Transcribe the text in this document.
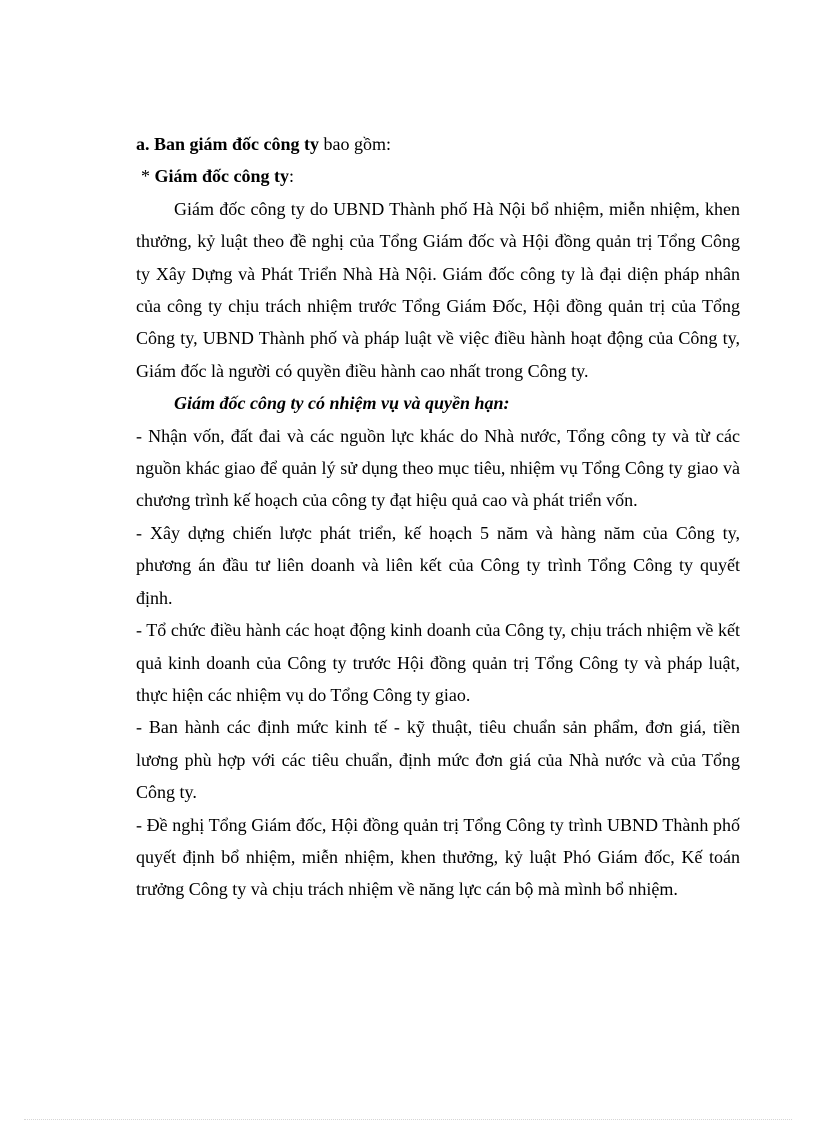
a. Ban giám đốc công ty bao gồm:

* Giám đốc công ty:

Giám đốc công ty do UBND Thành phố Hà Nội bổ nhiệm, miễn nhiệm, khen thưởng, kỷ luật theo đề nghị của Tổng Giám đốc và Hội đồng quản trị Tổng Công ty Xây Dựng và Phát Triển Nhà Hà Nội. Giám đốc công ty là đại diện pháp nhân của công ty chịu trách nhiệm trước Tổng Giám Đốc, Hội đồng quản trị của Tổng Công ty, UBND Thành phố và pháp luật về việc điều hành hoạt động của Công ty, Giám đốc là người có quyền điều hành cao nhất trong Công ty.

Giám đốc công ty có nhiệm vụ và quyền hạn:

- Nhận vốn, đất đai và các nguồn lực khác do Nhà nước, Tổng công ty và từ các nguồn khác giao để quản lý sử dụng theo mục tiêu, nhiệm vụ Tổng Công ty giao và chương trình kế hoạch của công ty đạt hiệu quả cao và phát triển vốn.

- Xây dựng chiến lược phát triển, kế hoạch 5 năm và hàng năm của Công ty, phương án đầu tư liên doanh và liên kết của Công ty trình Tổng Công ty quyết định.

- Tổ chức điều hành các hoạt động kinh doanh của Công ty, chịu trách nhiệm về kết quả kinh doanh của Công ty trước Hội đồng quản trị Tổng Công ty và pháp luật, thực hiện các nhiệm vụ do Tổng Công ty giao.

- Ban hành các định mức kinh tế - kỹ thuật, tiêu chuẩn sản phẩm, đơn giá, tiền lương phù hợp với các tiêu chuẩn, định mức đơn giá của Nhà nước và của Tổng Công ty.

- Đề nghị Tổng Giám đốc, Hội đồng quản trị Tổng Công ty trình UBND Thành phố quyết định bổ nhiệm, miễn nhiệm, khen thưởng, kỷ luật Phó Giám đốc, Kế toán trưởng Công ty và chịu trách nhiệm về năng lực cán bộ mà mình bổ nhiệm.
